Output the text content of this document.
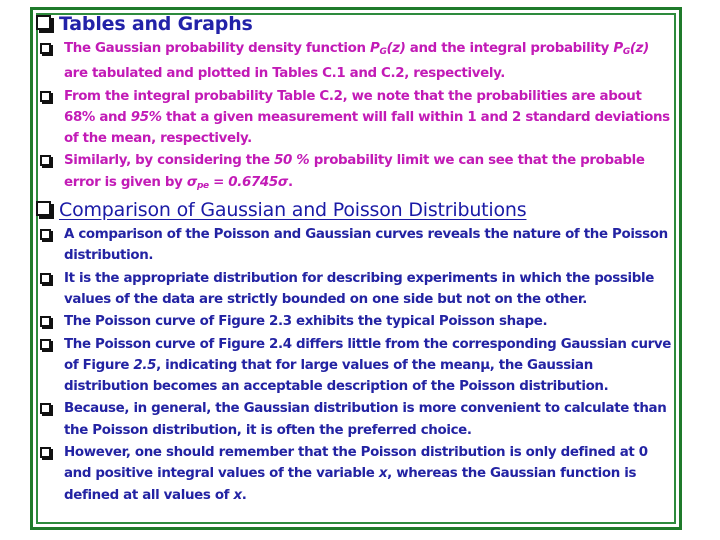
Tables and Graphs
The Gaussian probability density function $P_G(z)$ and the integral probability $P_G(z)$ are tabulated and plotted in Tables C.1 and C.2, respectively.
From the integral probability Table C.2, we note that the probabilities are about 68% and 95% that a given measurement will fall within 1 and 2 standard deviations of the mean, respectively.
Similarly, by considering the 50 % probability limit we can see that the probable error is given by $\sigma_{pe} = 0.6745\sigma$.
Comparison of Gaussian and Poisson Distributions
A comparison of the Poisson and Gaussian curves reveals the nature of the Poisson distribution.
It is the appropriate distribution for describing experiments in which the possible values of the data are strictly bounded on one side but not on the other.
The Poisson curve of Figure 2.3 exhibits the typical Poisson shape.
The Poisson curve of Figure 2.4 differs little from the corresponding Gaussian curve of Figure 2.5, indicating that for large values of the meanμ, the Gaussian distribution becomes an acceptable description of the Poisson distribution.
Because, in general, the Gaussian distribution is more convenient to calculate than the Poisson distribution, it is often the preferred choice.
However, one should remember that the Poisson distribution is only defined at 0 and positive integral values of the variable x, whereas the Gaussian function is defined at all values of x.
